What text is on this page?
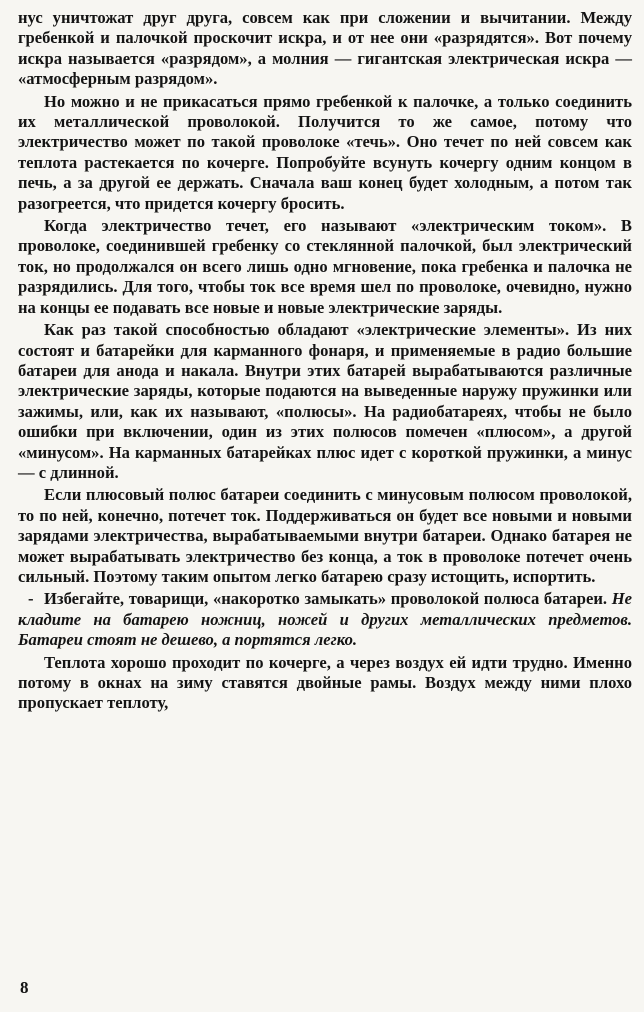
нус уничтожат друг друга, совсем как при сложении и вычитании. Между гребенкой и палочкой проскочит искра, и от нее они «разрядятся». Вот почему искра называется «разрядом», а молния — гигантская электрическая искра — «атмосферным разрядом».

Но можно и не прикасаться прямо гребенкой к палочке, а только соединить их металлической проволокой. Получится то же самое, потому что электричество может по такой проволоке «течь». Оно течет по ней совсем как теплота растекается по кочерге. Попробуйте всунуть кочергу одним концом в печь, а за другой ее держать. Сначала ваш конец будет холодным, а потом так разогреется, что придется кочергу бросить.

Когда электричество течет, его называют «электрическим током». В проволоке, соединившей гребенку со стеклянной палочкой, был электрический ток, но продолжался он всего лишь одно мгновение, пока гребенка и палочка не разрядились. Для того, чтобы ток все время шел по проволоке, очевидно, нужно на концы ее подавать все новые и новые электрические заряды.

Как раз такой способностью обладают «электрические элементы». Из них состоят и батарейки для карманного фонаря, и применяемые в радио большие батареи для анода и накала. Внутри этих батарей вырабатываются различные электрические заряды, которые подаются на выведенные наружу пружинки или зажимы, или, как их называют, «полюсы». На радиобатареях, чтобы не было ошибки при включении, один из этих полюсов помечен «плюсом», а другой «минусом». На карманных батарейках плюс идет с короткой пружинки, а минус — с длинной.

Если плюсовый полюс батареи соединить с минусовым полюсом проволокой, то по ней, конечно, потечет ток. Поддерживаться он будет все новыми и новыми зарядами электричества, вырабатываемыми внутри батареи. Однако батарея не может вырабатывать электричество без конца, а ток в проволоке потечет очень сильный. Поэтому таким опытом легко батарею сразу истощить, испортить.

- Избегайте, товарищи, «накоротко замыкать» проволокой полюса батареи. Не кладите на батарею ножниц, ножей и других металлических предметов. Батареи стоят не дешево, а портятся легко.

Теплота хорошо проходит по кочерге, а через воздух ей идти трудно. Именно потому в окнах на зиму ставятся двойные рамы. Воздух между ними плохо пропускает теплоту,

8
